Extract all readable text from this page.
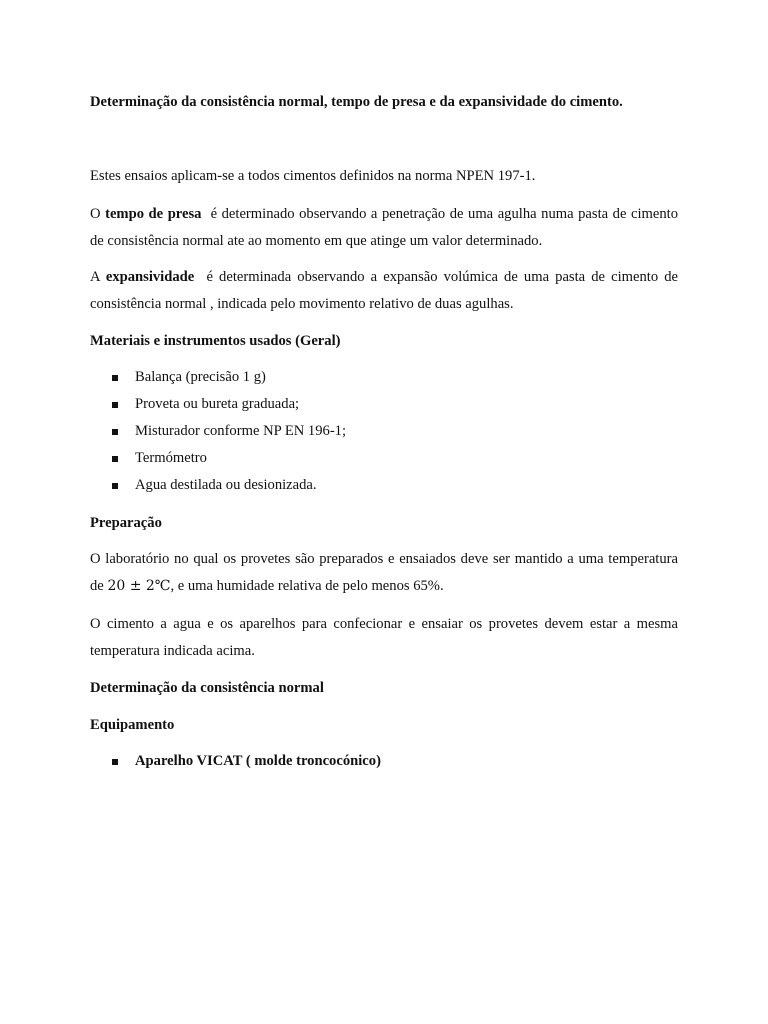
Determinação da consistência normal, tempo de presa e da expansividade do cimento.
Estes ensaios aplicam-se a todos cimentos definidos na norma NPEN 197-1.
O tempo de presa é determinado observando a penetração de uma agulha numa pasta de cimento
de consistência normal ate ao momento em que atinge um valor determinado.
A expansividade é determinada observando a expansão volúmica de uma pasta de cimento de
consistência normal , indicada pelo movimento relativo de duas agulhas.
Materiais e instrumentos usados (Geral)
Balança (precisão 1 g)
Proveta ou bureta graduada;
Misturador conforme NP EN 196-1;
Termómetro
Agua destilada ou desionizada.
Preparação
O laboratório no qual os provetes são preparados e ensaiados deve ser mantido a uma temperatura
de 20 ± 2℃, e uma humidade relativa de pelo menos 65%.
O cimento a agua e os aparelhos para confecionar e ensaiar os provetes devem estar a mesma
temperatura indicada acima.
Determinação da consistência normal
Equipamento
Aparelho VICAT ( molde troncocónico)
